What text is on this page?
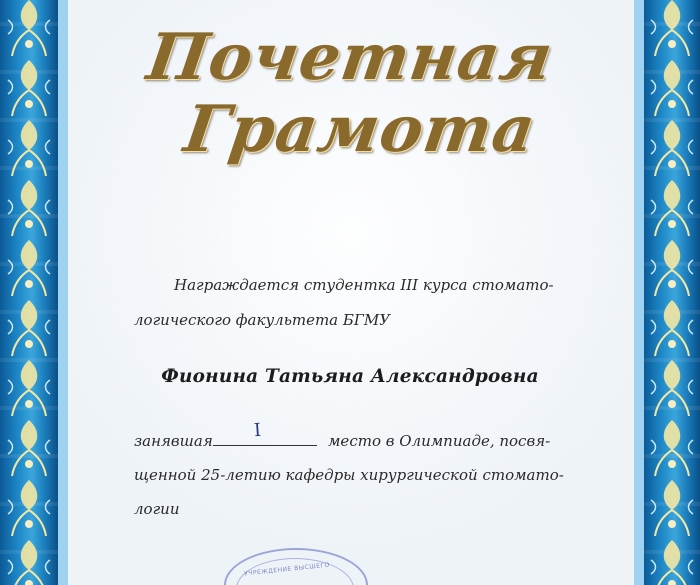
Почетная
Грамота
Награждается студентка III курса стомато-
логического факультета БГМУ
Фионина Татьяна Александровна
занявшая I	место в Олимпиаде, посвя-
щенной 25-летию кафедры хирургической стомато-
логии
УЧРЕЖДЕНИЕ ВЫСШЕГО
